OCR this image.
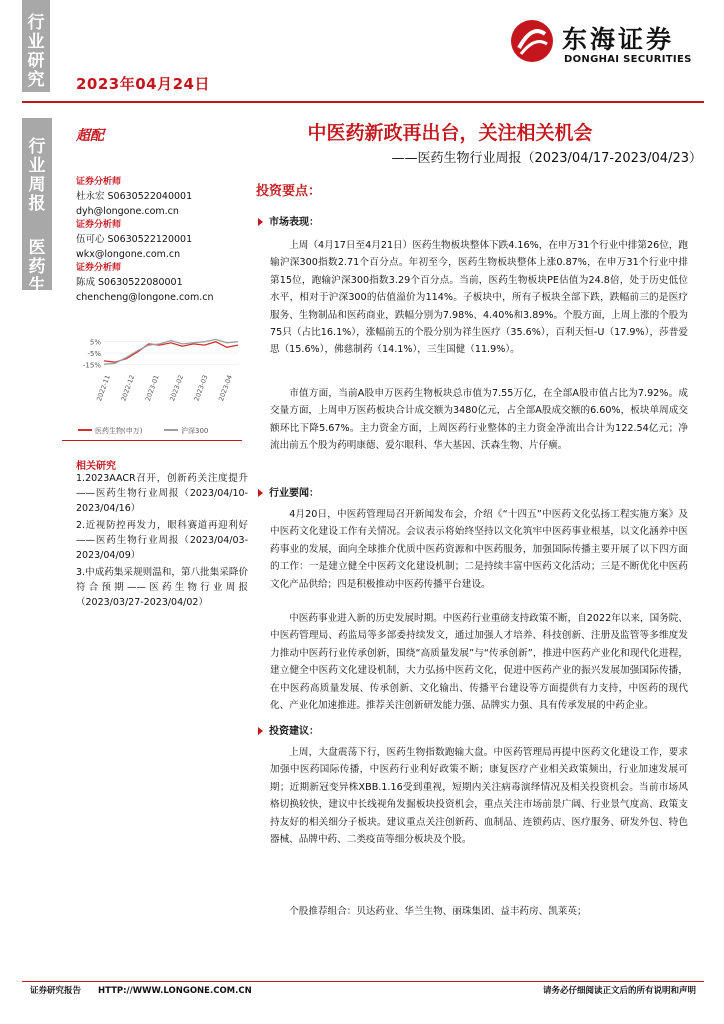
行业研究 2023年04月24日
东海证券
DONGHAI SECURITIES
行业周报
医药生物
超配	中医药新政再出台，关注相关机会
——医药生物行业周报（2023/04/17-2023/04/23）
证券分析师
杜永宏 S0630522040001
dyh@longone.com.cn
证券分析师
伍可心 S0630522120001
wkx@longone.com.cn
证券分析师
陈成 S0630522080001
chencheng@longone.com.cn
5%
-5%
-15%
2022-11 2022-12 2023-01 2023-02 2023-03 2023-04
医药生物(申万)	沪深300
相关研究
1.2023AACR召开，创新药关注度提升——医药生物行业周报（2023/04/10-2023/04/16）
2.近视防控再发力，眼科赛道再迎利好——医药生物行业周报（2023/04/03-2023/04/09）
3.中成药集采规则温和，第八批集采降价符合预期——医药生物行业周报（2023/03/27-2023/04/02）
投资要点：
市场表现：
上周（4月17日至4月21日）医药生物板块整体下跌4.16%，在申万31个行业中排第26位，跑输沪深300指数2.71个百分点。年初至今，医药生物板块整体上涨0.87%，在申万31个行业中排第15位，跑输沪深300指数3.29个百分点。当前，医药生物板块PE估值为24.8倍，处于历史低位水平，相对于沪深300的估值溢价为114%。子板块中，所有子板块全部下跌，跌幅前三的是医疗服务、生物制品和医药商业，跌幅分别为7.98%、4.40%和3.89%。个股方面，上周上涨的个股为75只（占比16.1%），涨幅前五的个股分别为祥生医疗（35.6%），百利天恒-U（17.9%），莎普爱思（15.6%），佛慈制药（14.1%），三生国健（11.9%）。
市值方面，当前A股申万医药生物板块总市值为7.55万亿，在全部A股市值占比为7.92%。成交量方面，上周申万医药板块合计成交额为3480亿元，占全部A股成交额的6.60%，板块单周成交额环比下降5.67%。主力资金方面，上周医药行业整体的主力资金净流出合计为122.54亿元；净流出前五个股为药明康德、爱尔眼科、华大基因、沃森生物、片仔癀。
行业要闻：
4月20日，中医药管理局召开新闻发布会，介绍《“十四五”中医药文化弘扬工程实施方案》及中医药文化建设工作有关情况。会议表示将始终坚持以文化筑牢中医药事业根基，以文化涵养中医药事业的发展，面向全球推介优质中医药资源和中医药服务，加强国际传播主要开展了以下四方面的工作：一是建立健全中医药文化建设机制；二是持续丰富中医药文化活动；三是不断优化中医药文化产品供给；四是积极推动中医药传播平台建设。
中医药事业进入新的历史发展时期。中医药行业重磅支持政策不断，自2022年以来，国务院、中医药管理局、药监局等多部委持续发文，通过加强人才培养、科技创新、注册及监管等多维度发力推动中医药行业传承创新，围绕“高质量发展”与“传承创新”，推进中医药产业化和现代化进程，建立健全中医药文化建设机制，大力弘扬中医药文化，促进中医药产业的振兴发展加强国际传播，在中医药高质量发展、传承创新、文化输出、传播平台建设等方面提供有力支持，中医药的现代化、产业化加速推进。推荐关注创新研发能力强、品牌实力强、具有传承发展的中药企业。
投资建议：
上周，大盘震荡下行，医药生物指数跑输大盘。中医药管理局再提中医药文化建设工作，要求加强中医药国际传播，中医药行业利好政策不断；康复医疗产业相关政策频出，行业加速发展可期；近期新冠变异株XBB.1.16受到重视，短期内关注病毒演绎情况及相关投资机会。当前市场风格切换较快，建议中长线视角发掘板块投资机会，重点关注市场前景广阔、行业景气度高、政策支持友好的相关细分子板块。建议重点关注创新药、血制品、连锁药店、医疗服务、研发外包、特色器械、品牌中药、二类疫苗等细分板块及个股。
个股推荐组合：贝达药业、华兰生物、丽珠集团、益丰药房、凯莱英；
证券研究报告　　HTTP://WWW.LONGONE.COM.CN	请务必仔细阅读正文后的所有说明和声明
